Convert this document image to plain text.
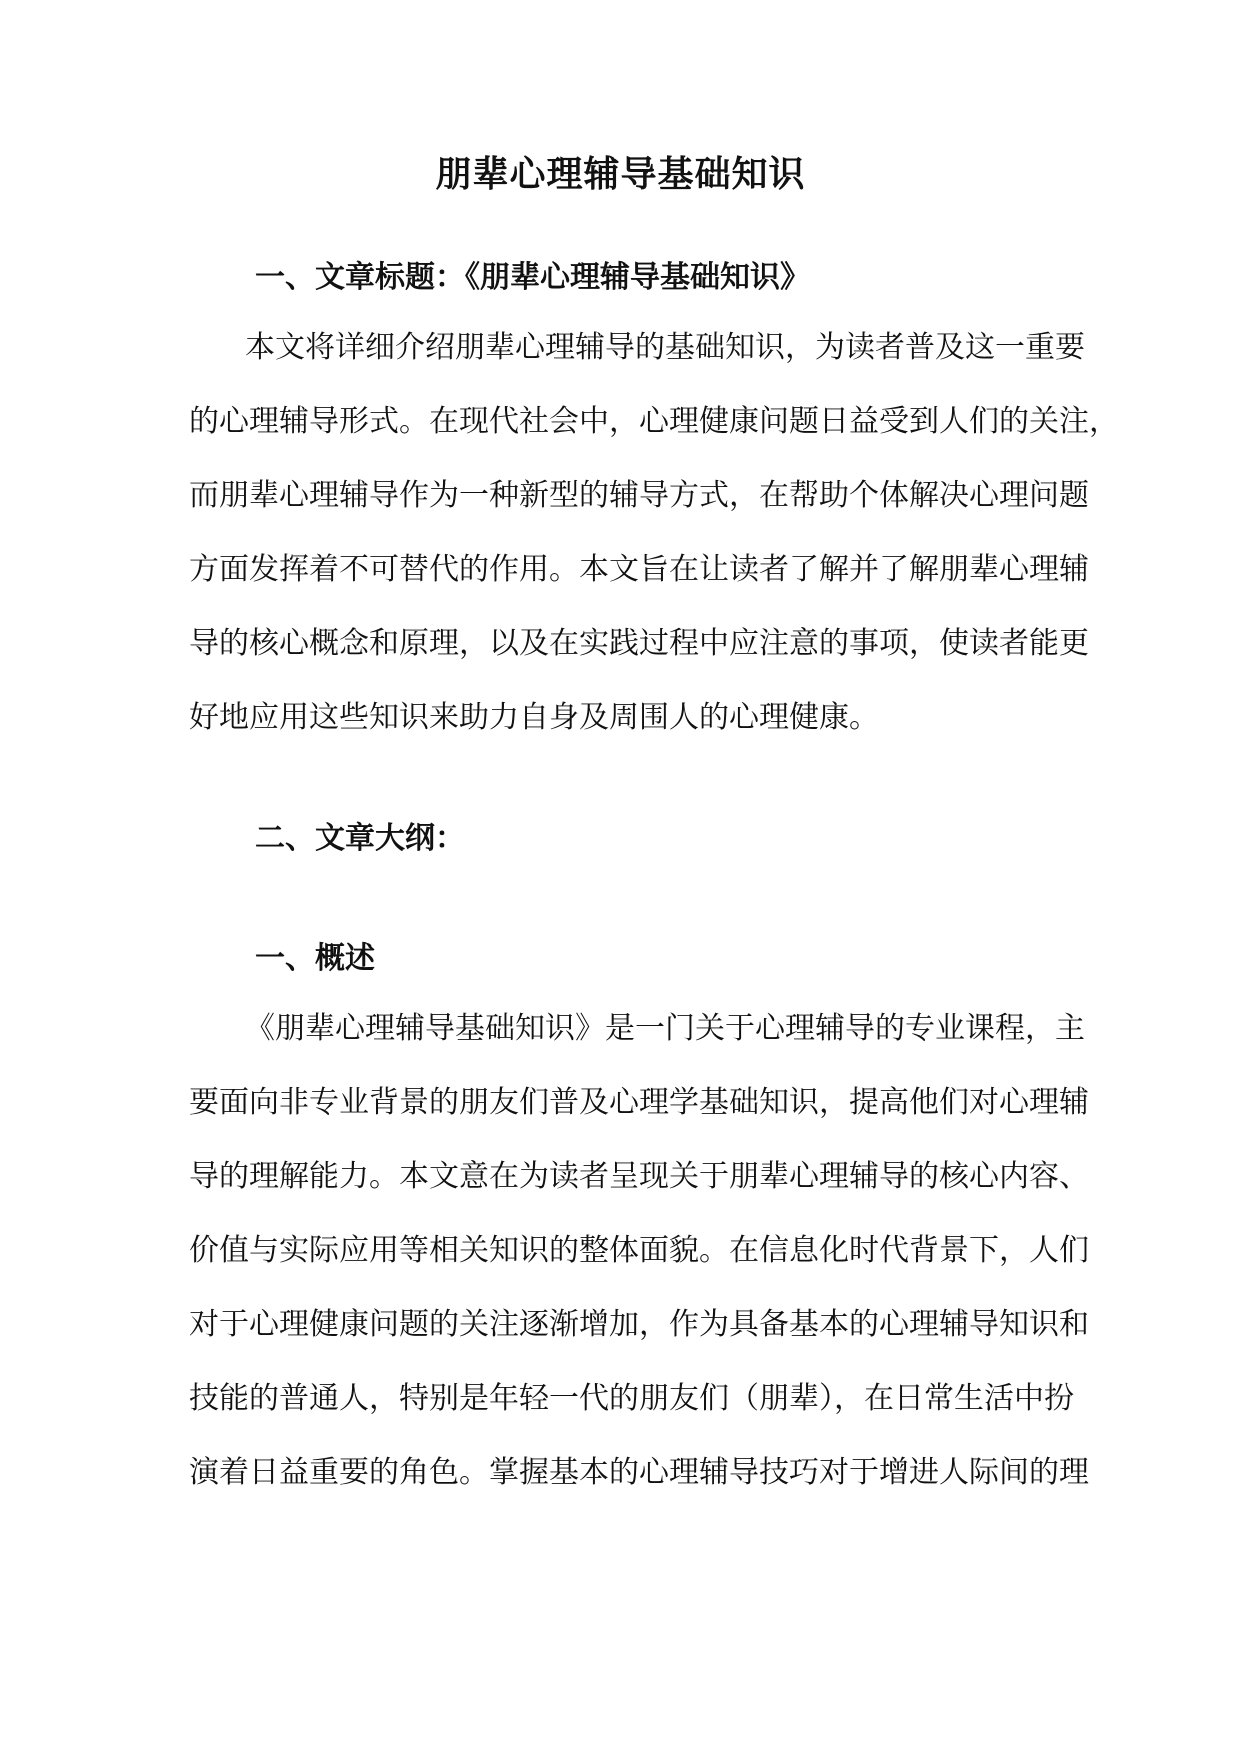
朋辈心理辅导基础知识
一、文章标题：《朋辈心理辅导基础知识》
本文将详细介绍朋辈心理辅导的基础知识，为读者普及这一重要
的心理辅导形式。在现代社会中，心理健康问题日益受到人们的关注，
而朋辈心理辅导作为一种新型的辅导方式，在帮助个体解决心理问题
方面发挥着不可替代的作用。本文旨在让读者了解并了解朋辈心理辅
导的核心概念和原理，以及在实践过程中应注意的事项，使读者能更
好地应用这些知识来助力自身及周围人的心理健康。
二、文章大纲：
一、概述
《朋辈心理辅导基础知识》是一门关于心理辅导的专业课程，主
要面向非专业背景的朋友们普及心理学基础知识，提高他们对心理辅
导的理解能力。本文意在为读者呈现关于朋辈心理辅导的核心内容、
价值与实际应用等相关知识的整体面貌。在信息化时代背景下，人们
对于心理健康问题的关注逐渐增加，作为具备基本的心理辅导知识和
技能的普通人，特别是年轻一代的朋友们（朋辈），在日常生活中扮
演着日益重要的角色。掌握基本的心理辅导技巧对于增进人际间的理
